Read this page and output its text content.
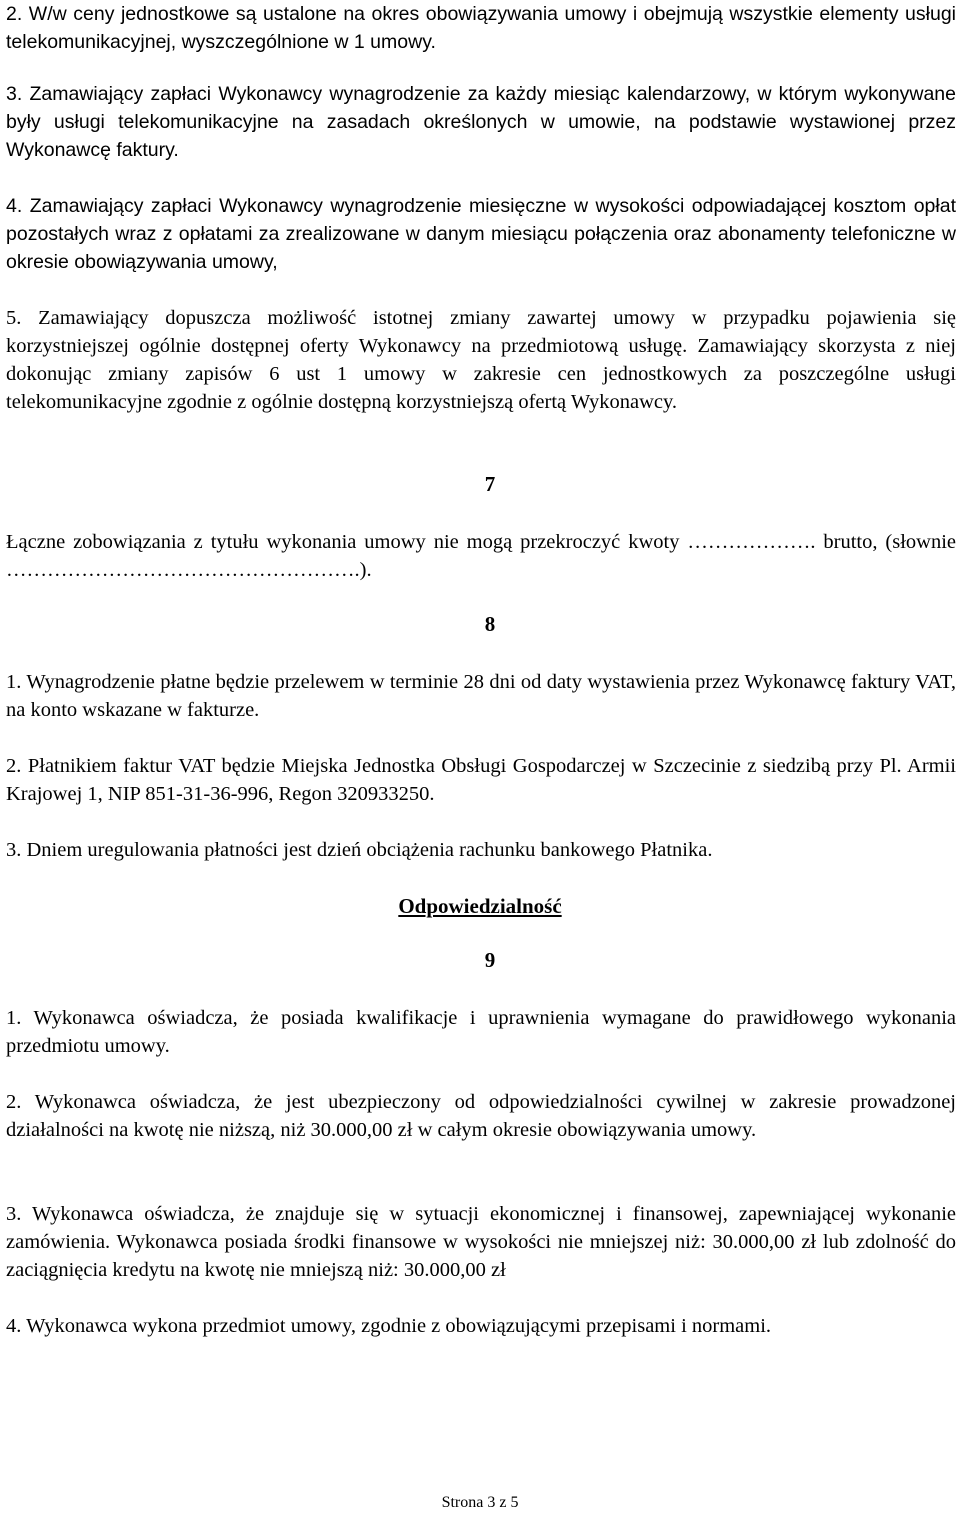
2. W/w ceny jednostkowe są ustalone na okres obowiązywania umowy i obejmują wszystkie elementy usługi telekomunikacyjnej, wyszczególnione w 1 umowy.

3. Zamawiający zapłaci Wykonawcy wynagrodzenie za każdy miesiąc kalendarzowy, w którym wykonywane były usługi telekomunikacyjne na zasadach określonych w umowie, na podstawie wystawionej przez Wykonawcę faktury.

4. Zamawiający zapłaci Wykonawcy wynagrodzenie miesięczne w wysokości odpowiadającej kosztom opłat pozostałych wraz z opłatami za zrealizowane w danym miesiącu połączenia oraz abonamenty telefoniczne w okresie obowiązywania umowy,

5. Zamawiający dopuszcza możliwość istotnej zmiany zawartej umowy w przypadku pojawienia się korzystniejszej ogólnie dostępnej oferty Wykonawcy na przedmiotową usługę. Zamawiający skorzysta z niej dokonując zmiany zapisów 6 ust 1 umowy w zakresie cen jednostkowych za poszczególne usługi telekomunikacyjne zgodnie z ogólnie dostępną korzystniejszą ofertą Wykonawcy.

7

Łączne zobowiązania z tytułu wykonania umowy nie mogą przekroczyć kwoty ………………. brutto, (słownie …………………………………………….).

8

1. Wynagrodzenie płatne będzie przelewem w terminie 28 dni od daty wystawienia przez Wykonawcę faktury VAT, na konto wskazane w fakturze.

2. Płatnikiem faktur VAT będzie Miejska Jednostka Obsługi Gospodarczej w Szczecinie z siedzibą przy Pl. Armii Krajowej 1, NIP 851-31-36-996, Regon 320933250.

3. Dniem uregulowania płatności jest dzień obciążenia rachunku bankowego Płatnika.

Odpowiedzialność

9

1. Wykonawca oświadcza, że posiada kwalifikacje i uprawnienia wymagane do prawidłowego wykonania przedmiotu umowy.

2. Wykonawca oświadcza, że jest ubezpieczony od odpowiedzialności cywilnej w zakresie prowadzonej działalności na kwotę nie niższą, niż 30.000,00 zł w całym okresie obowiązywania umowy.

3. Wykonawca oświadcza, że znajduje się w sytuacji ekonomicznej i finansowej, zapewniającej wykonanie zamówienia. Wykonawca posiada środki finansowe w wysokości nie mniejszej niż: 30.000,00 zł lub zdolność do zaciągnięcia kredytu na kwotę nie mniejszą niż: 30.000,00 zł

4. Wykonawca wykona przedmiot umowy, zgodnie z obowiązującymi przepisami i normami.

Strona 3 z 5
